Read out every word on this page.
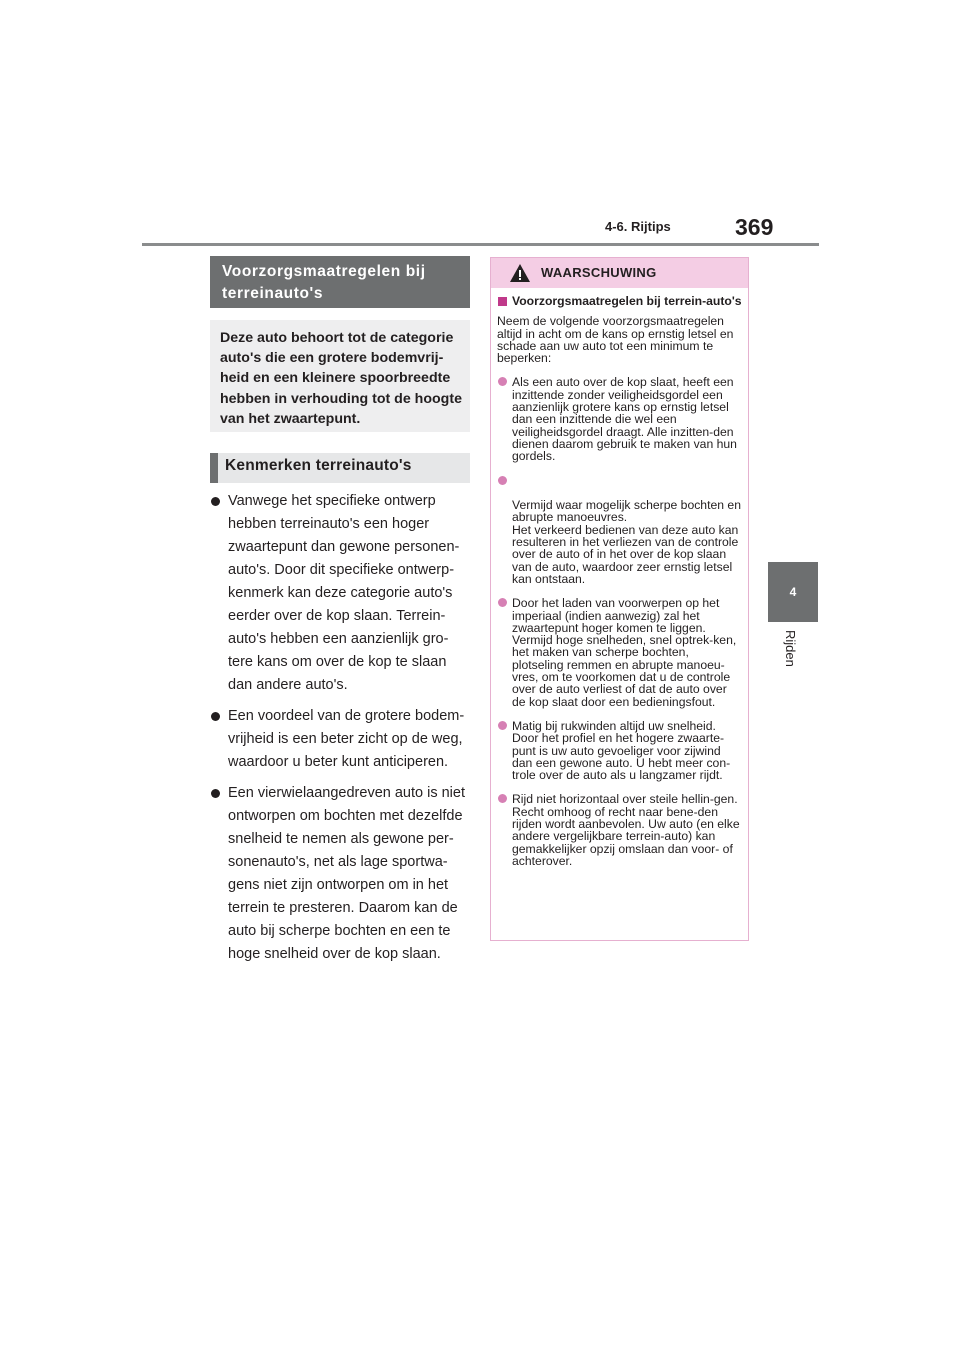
4-6. Rijtips	369
4
Rijden
Voorzorgsmaatregelen bij terreinauto's
Deze auto behoort tot de categorie auto's die een grotere bodemvrij-heid en een kleinere spoorbreedte hebben in verhouding tot de hoogte van het zwaartepunt.
Kenmerken terreinauto's
Vanwege het specifieke ontwerp hebben terreinauto's een hoger zwaartepunt dan gewone personen-auto's. Door dit specifieke ontwerp-kenmerk kan deze categorie auto's eerder over de kop slaan. Terrein-auto's hebben een aanzienlijk gro-tere kans om over de kop te slaan dan andere auto's.
Een voordeel van de grotere bodem-vrijheid is een beter zicht op de weg, waardoor u beter kunt anticiperen.
Een vierwielaangedreven auto is niet ontworpen om bochten met dezelfde snelheid te nemen als gewone per-sonenauto's, net als lage sportwa-gens niet zijn ontworpen om in het terrein te presteren. Daarom kan de auto bij scherpe bochten en een te hoge snelheid over de kop slaan.
WAARSCHUWING
Voorzorgsmaatregelen bij terrein-auto's
Neem de volgende voorzorgsmaatregelen altijd in acht om de kans op ernstig letsel en schade aan uw auto tot een minimum te beperken:
Als een auto over de kop slaat, heeft een inzittende zonder veiligheidsgordel een aanzienlijk grotere kans op ernstig letsel dan een inzittende die wel een veiligheidsgordel draagt. Alle inzitten-den dienen daarom gebruik te maken van hun gordels.

Vermijd waar mogelijk scherpe bochten en abrupte manoeuvres.
Het verkeerd bedienen van deze auto kan resulteren in het verliezen van de controle over de auto of in het over de kop slaan van de auto, waardoor zeer ernstig letsel kan ontstaan.

Door het laden van voorwerpen op het imperiaal (indien aanwezig) zal het zwaartepunt hoger komen te liggen. Vermijd hoge snelheden, snel optrek-ken, het maken van scherpe bochten, plotseling remmen en abrupte manoeu-vres, om te voorkomen dat u de controle over de auto verliest of dat de auto over de kop slaat door een bedieningsfout.
Matig bij rukwinden altijd uw snelheid. Door het profiel en het hogere zwaarte-punt is uw auto gevoeliger voor zijwind dan een gewone auto. U hebt meer con-trole over de auto als u langzamer rijdt.
Rijd niet horizontaal over steile hellin-gen. Recht omhoog of recht naar bene-den rijden wordt aanbevolen. Uw auto (en elke andere vergelijkbare terrein-auto) kan gemakkelijker opzij omslaan dan voor- of achterover.
